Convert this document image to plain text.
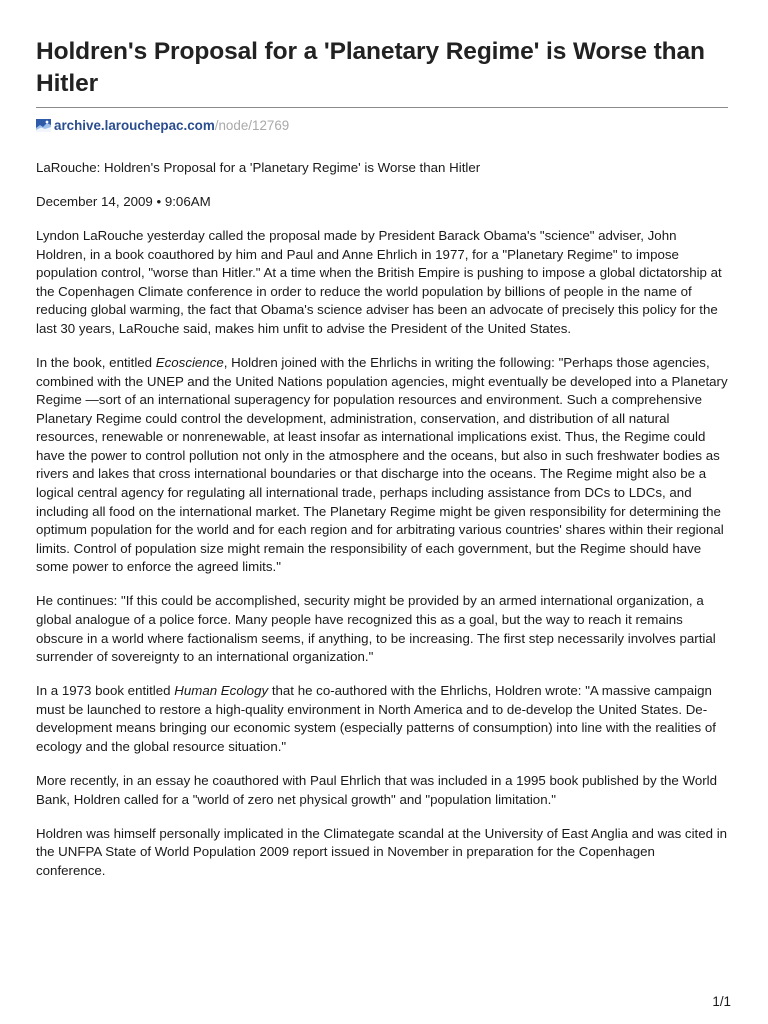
Holdren's Proposal for a 'Planetary Regime' is Worse than Hitler
archive.larouchepac.com /node/12769

LaRouche: Holdren's Proposal for a 'Planetary Regime' is Worse than Hitler

December 14, 2009 • 9:06AM

Lyndon LaRouche yesterday called the proposal made by President Barack Obama's "science" adviser, John Holdren, in a book coauthored by him and Paul and Anne Ehrlich in 1977, for a "Planetary Regime" to impose population control, "worse than Hitler." At a time when the British Empire is pushing to impose a global dictatorship at the Copenhagen Climate conference in order to reduce the world population by billions of people in the name of reducing global warming, the fact that Obama's science adviser has been an advocate of precisely this policy for the last 30 years, LaRouche said, makes him unfit to advise the President of the United States.

In the book, entitled Ecoscience, Holdren joined with the Ehrlichs in writing the following: "Perhaps those agencies, combined with the UNEP and the United Nations population agencies, might eventually be developed into a Planetary Regime —sort of an international superagency for population resources and environment. Such a comprehensive Planetary Regime could control the development, administration, conservation, and distribution of all natural resources, renewable or nonrenewable, at least insofar as international implications exist. Thus, the Regime could have the power to control pollution not only in the atmosphere and the oceans, but also in such freshwater bodies as rivers and lakes that cross international boundaries or that discharge into the oceans. The Regime might also be a logical central agency for regulating all international trade, perhaps including assistance from DCs to LDCs, and including all food on the international market. The Planetary Regime might be given responsibility for determining the optimum population for the world and for each region and for arbitrating various countries' shares within their regional limits. Control of population size might remain the responsibility of each government, but the Regime should have some power to enforce the agreed limits."

He continues: "If this could be accomplished, security might be provided by an armed international organization, a global analogue of a police force. Many people have recognized this as a goal, but the way to reach it remains obscure in a world where factionalism seems, if anything, to be increasing. The first step necessarily involves partial surrender of sovereignty to an international organization."

In a 1973 book entitled Human Ecology that he co-authored with the Ehrlichs, Holdren wrote: "A massive campaign must be launched to restore a high-quality environment in North America and to de-develop the United States. De-development means bringing our economic system (especially patterns of consumption) into line with the realities of ecology and the global resource situation."

More recently, in an essay he coauthored with Paul Ehrlich that was included in a 1995 book published by the World Bank, Holdren called for a "world of zero net physical growth" and "population limitation."

Holdren was himself personally implicated in the Climategate scandal at the University of East Anglia and was cited in the UNFPA State of World Population 2009 report issued in November in preparation for the Copenhagen conference.

1/1
